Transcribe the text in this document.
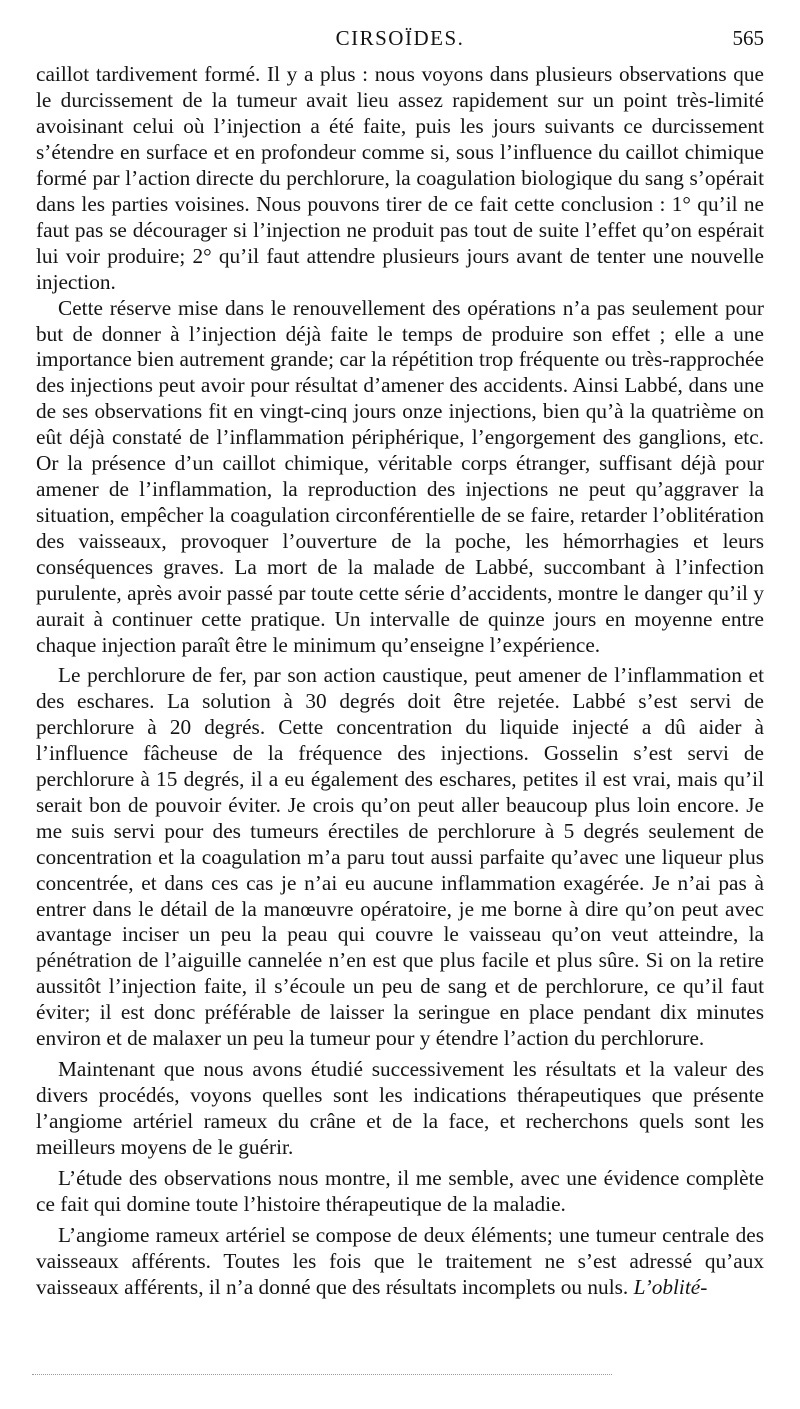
CIRSOÏDES.	565

caillot tardivement formé. Il y a plus : nous voyons dans plusieurs observations que le durcissement de la tumeur avait lieu assez rapidement sur un point très-limité avoisinant celui où l’injection a été faite, puis les jours suivants ce durcissement s’étendre en surface et en profondeur comme si, sous l’influence du caillot chimique formé par l’action directe du perchlorure, la coagulation biologique du sang s’opérait dans les parties voisines. Nous pouvons tirer de ce fait cette conclusion : 1° qu’il ne faut pas se décourager si l’injection ne produit pas tout de suite l’effet qu’on espérait lui voir produire; 2° qu’il faut attendre plusieurs jours avant de tenter une nouvelle injection.

Cette réserve mise dans le renouvellement des opérations n’a pas seulement pour but de donner à l’injection déjà faite le temps de produire son effet ; elle a une importance bien autrement grande; car la répétition trop fréquente ou très-rapprochée des injections peut avoir pour résultat d’amener des accidents. Ainsi Labbé, dans une de ses observations fit en vingt-cinq jours onze injections, bien qu’à la quatrième on eût déjà constaté de l’inflammation périphérique, l’engorgement des ganglions, etc. Or la présence d’un caillot chimique, véritable corps étranger, suffisant déjà pour amener de l’inflammation, la reproduction des injections ne peut qu’aggraver la situation, empêcher la coagulation circonférentielle de se faire, retarder l’oblitération des vaisseaux, provoquer l’ouverture de la poche, les hémorrhagies et leurs conséquences graves. La mort de la malade de Labbé, succombant à l’infection purulente, après avoir passé par toute cette série d’accidents, montre le danger qu’il y aurait à continuer cette pratique. Un intervalle de quinze jours en moyenne entre chaque injection paraît être le minimum qu’enseigne l’expérience.

Le perchlorure de fer, par son action caustique, peut amener de l’inflammation et des eschares. La solution à 30 degrés doit être rejetée. Labbé s’est servi de perchlorure à 20 degrés. Cette concentration du liquide injecté a dû aider à l’influence fâcheuse de la fréquence des injections. Gosselin s’est servi de perchlorure à 15 degrés, il a eu également des eschares, petites il est vrai, mais qu’il serait bon de pouvoir éviter. Je crois qu’on peut aller beaucoup plus loin encore. Je me suis servi pour des tumeurs érectiles de perchlorure à 5 degrés seulement de concentration et la coagulation m’a paru tout aussi parfaite qu’avec une liqueur plus concentrée, et dans ces cas je n’ai eu aucune inflammation exagérée. Je n’ai pas à entrer dans le détail de la manœuvre opératoire, je me borne à dire qu’on peut avec avantage inciser un peu la peau qui couvre le vaisseau qu’on veut atteindre, la pénétration de l’aiguille cannelée n’en est que plus facile et plus sûre. Si on la retire aussitôt l’injection faite, il s’écoule un peu de sang et de perchlorure, ce qu’il faut éviter; il est donc préférable de laisser la seringue en place pendant dix minutes environ et de malaxer un peu la tumeur pour y étendre l’action du perchlorure.

Maintenant que nous avons étudié successivement les résultats et la valeur des divers procédés, voyons quelles sont les indications thérapeutiques que présente l’angiome artériel rameux du crâne et de la face, et recherchons quels sont les meilleurs moyens de le guérir.

L’étude des observations nous montre, il me semble, avec une évidence complète ce fait qui domine toute l’histoire thérapeutique de la maladie.

L’angiome rameux artériel se compose de deux éléments; une tumeur centrale des vaisseaux afférents. Toutes les fois que le traitement ne s’est adressé qu’aux vaisseaux afférents, il n’a donné que des résultats incomplets ou nuls. L’oblité-
